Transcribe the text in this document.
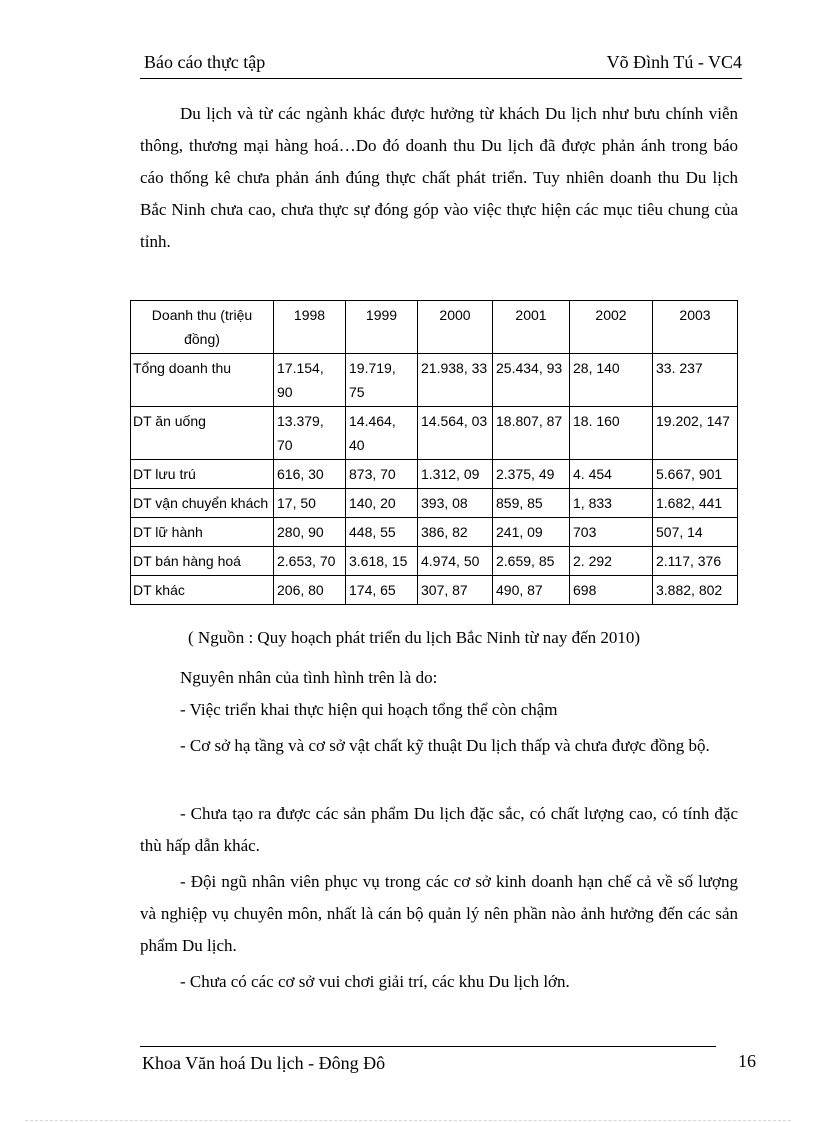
Báo cáo thực tập	Võ Đình Tú - VC4

Du lịch và từ các ngành khác được hưởng từ khách Du lịch như bưu chính viễn thông, thương mại hàng hoá…Do đó doanh thu Du lịch đã được phản ánh trong báo cáo thống kê chưa phản ánh đúng thực chất phát triển. Tuy nhiên doanh thu Du lịch Bắc Ninh chưa cao, chưa thực sự đóng góp vào việc thực hiện các mục tiêu chung của tỉnh.

Doanh thu (triệu đồng)	1998	1999	2000	2001	2002	2003
Tổng doanh thu	17.154, 90	19.719, 75	21.938, 33	25.434, 93	28, 140	33. 237
DT ăn uống	13.379, 70	14.464, 40	14.564, 03	18.807, 87	18. 160	19.202, 147
DT lưu trú	616, 30	873, 70	1.312, 09	2.375, 49	4. 454	5.667, 901
DT vận chuyển khách	17, 50	140, 20	393, 08	859, 85	1, 833	1.682, 441
DT lữ hành	280, 90	448, 55	386, 82	241, 09	703	507, 14
DT bán hàng hoá	2.653, 70	3.618, 15	4.974, 50	2.659, 85	2. 292	2.117, 376
DT khác	206, 80	174, 65	307, 87	490, 87	698	3.882, 802
( Nguồn : Quy hoạch phát triển du lịch Bắc Ninh từ nay đến 2010)

Nguyên nhân của tình hình trên là do:

- Việc triển khai thực hiện qui hoạch tổng thể còn chậm

- Cơ sở hạ tầng và cơ sở vật chất kỹ thuật Du lịch thấp và chưa được đồng bộ.

- Chưa tạo ra được các sản phẩm Du lịch đặc sắc, có chất lượng cao, có tính đặc thù hấp dẫn khác.

- Đội ngũ nhân viên phục vụ trong các cơ sở kinh doanh hạn chế cả về số lượng và nghiệp vụ chuyên môn, nhất là cán bộ quản lý nên phần nào ảnh hưởng đến các sản phẩm Du lịch.

- Chưa có các cơ sở vui chơi giải trí, các khu Du lịch lớn.

Khoa Văn hoá Du lịch - Đông Đô	16
